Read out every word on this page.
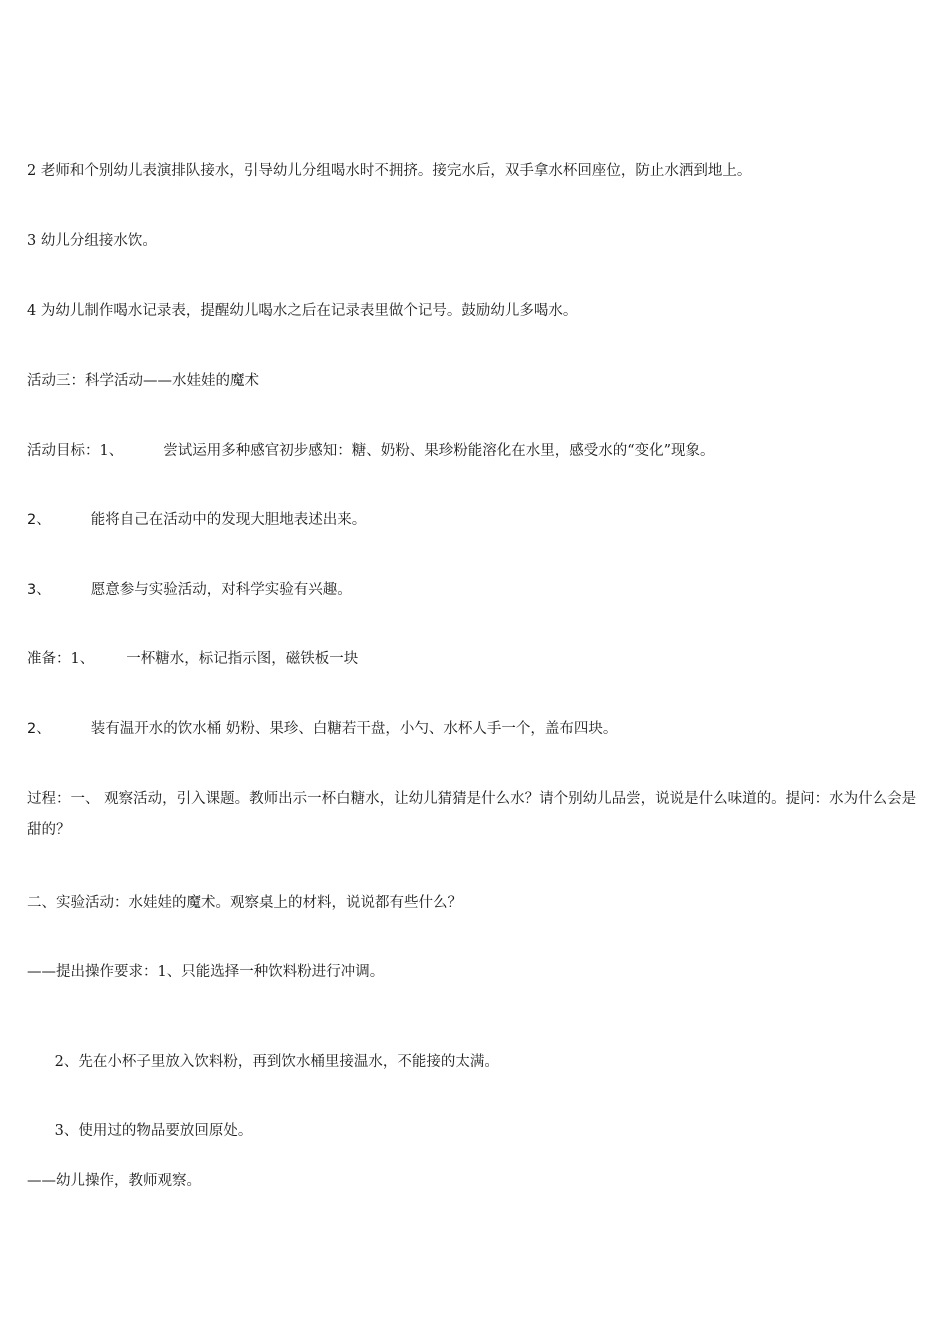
2 老师和个别幼儿表演排队接水，引导幼儿分组喝水时不拥挤。接完水后，双手拿水杯回座位，防止水洒到地上。
3 幼儿分组接水饮。
4 为幼儿制作喝水记录表，提醒幼儿喝水之后在记录表里做个记号。鼓励幼儿多喝水。
活动三：科学活动——水娃娃的魔术
活动目标：1、	尝试运用多种感官初步感知：糖、奶粉、果珍粉能溶化在水里，感受水的“变化”现象。
2、	能将自己在活动中的发现大胆地表述出来。
3、	愿意参与实验活动，对科学实验有兴趣。
准备：1、 一杯糖水，标记指示图，磁铁板一块
2、	装有温开水的饮水桶 奶粉、果珍、白糖若干盘，小勺、水杯人手一个，盖布四块。
过程：一、 观察活动，引入课题。教师出示一杯白糖水，让幼儿猜猜是什么水？请个别幼儿品尝，说说是什么味道的。提问：水为什么会是甜的？
二、实验活动：水娃娃的魔术。观察桌上的材料，说说都有些什么？
——提出操作要求：1、只能选择一种饮料粉进行冲调。

2、先在小杯子里放入饮料粉，再到饮水桶里接温水，不能接的太满。

3、使用过的物品要放回原处。

——幼儿操作，教师观察。
